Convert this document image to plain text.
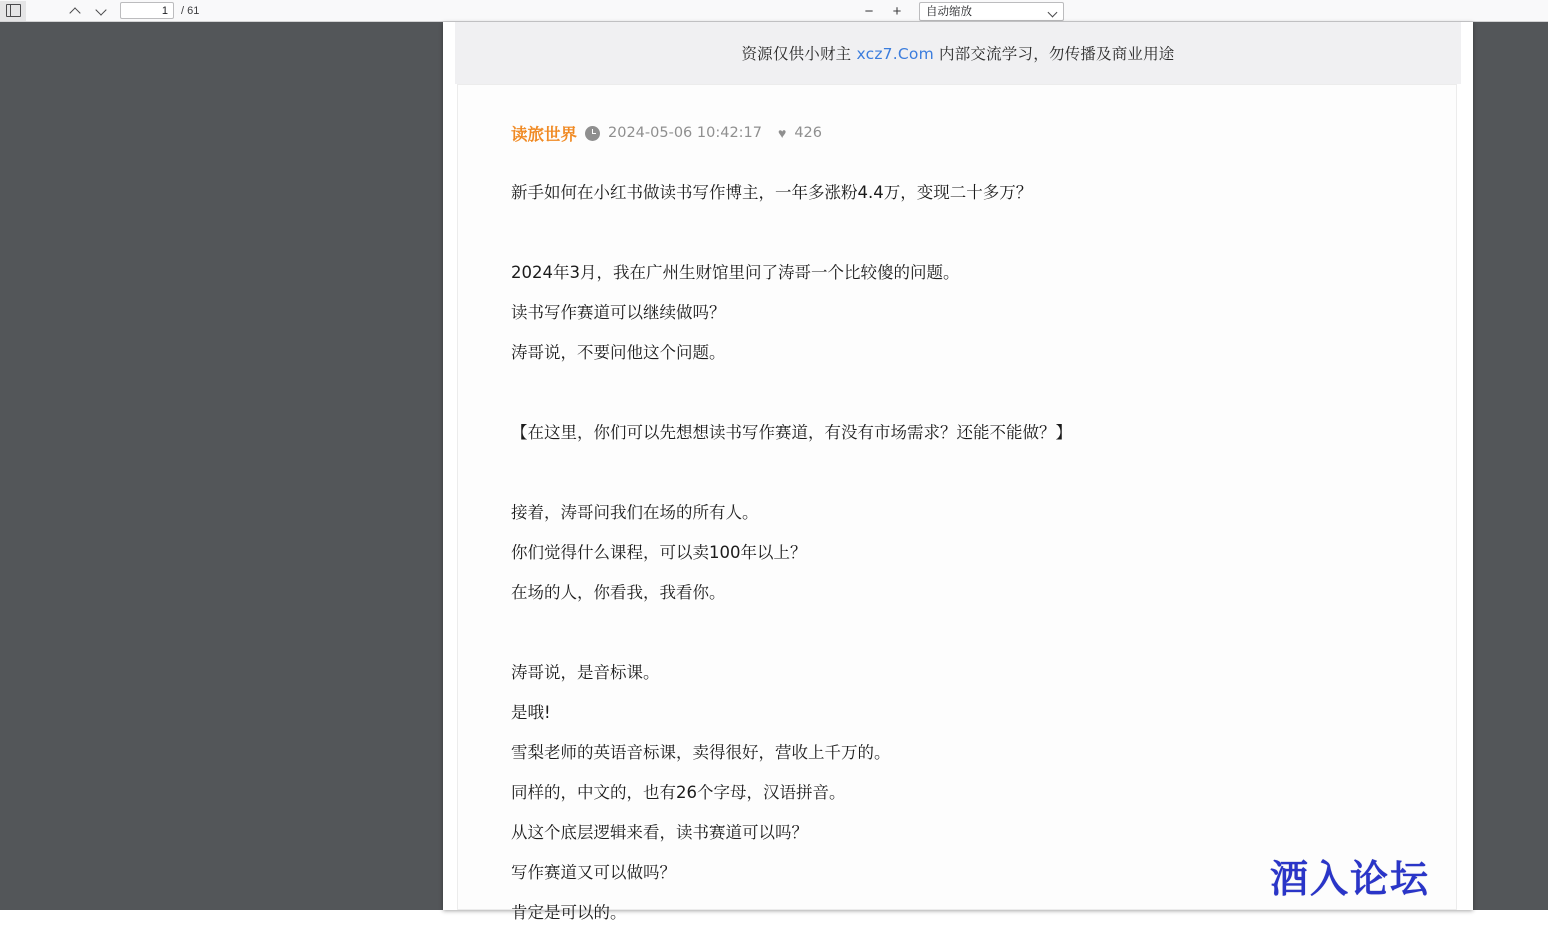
1
/ 61	−	+	自动缩放
资源仅供小财主 xcz7.Com 内部交流学习，勿传播及商业用途
读旅世界 2024-05-06 10:42:17 ♥ 426

新手如何在小红书做读书写作博主，一年多涨粉4.4万，变现二十多万？

2024年3月，我在广州生财馆里问了涛哥一个比较傻的问题。

读书写作赛道可以继续做吗？

涛哥说，不要问他这个问题。

【在这里，你们可以先想想读书写作赛道，有没有市场需求？还能不能做？】

接着，涛哥问我们在场的所有人。

你们觉得什么课程，可以卖100年以上？

在场的人，你看我，我看你。

涛哥说，是音标课。

是哦!

雪梨老师的英语音标课，卖得很好，营收上千万的。

同样的，中文的，也有26个字母，汉语拼音。

从这个底层逻辑来看，读书赛道可以吗？

写作赛道又可以做吗？

肯定是可以的。

酒入论坛
